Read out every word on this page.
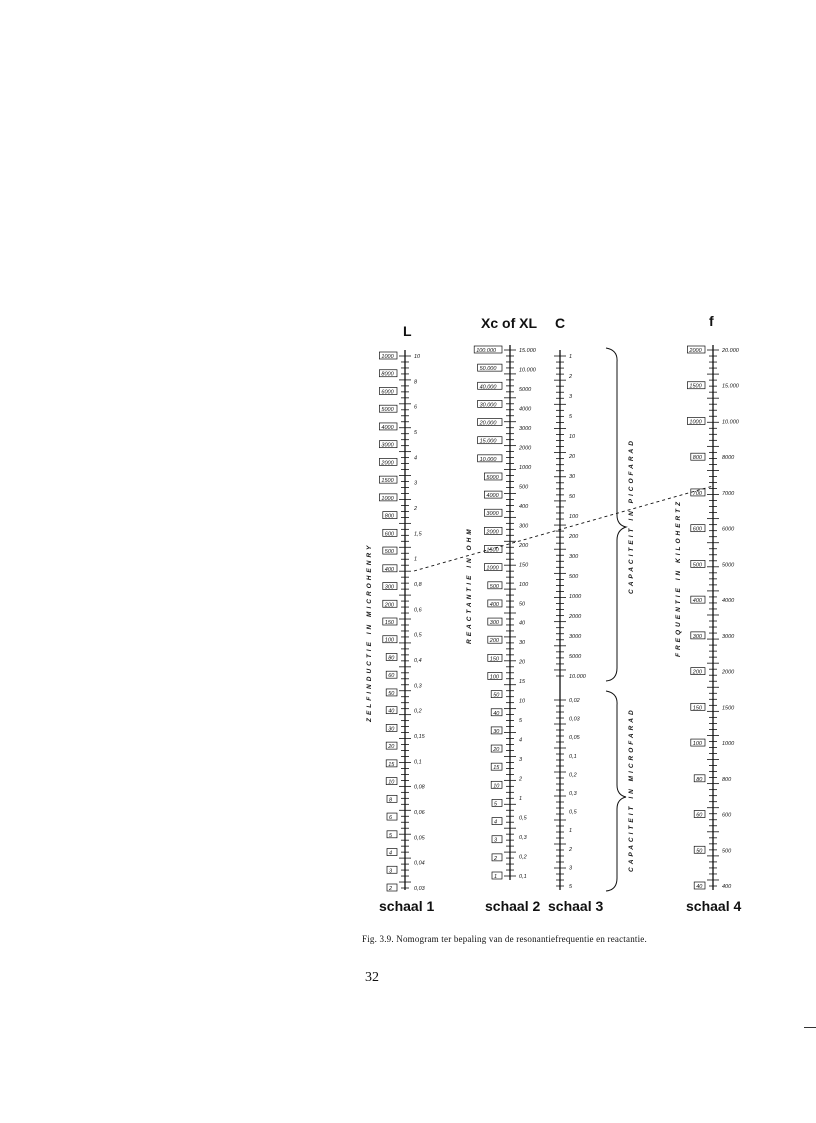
10
8
6
5
4
3
2
1,5
1
0,8
0,6
0,5
0,4
0,3
0,2
0,15
0,1
0,08
0,06
0,05
0,04
0,03
1000
8000
6000
5000
4000
3000
2000
1500
1000
800
600
500
400
300
200
150
100
80
60
50
40
30
20
15
10
8
6
5
4
3
2
15.000
10.000
5000
4000
3000
2000
1000
500
400
300
200
150
100
50
40
30
20
15
10
5
4
3
2
1
0,5
0,3
0,2
0,1
100.000
50.000
40.000
30.000
20.000
15.000
10.000
5000
4000
3000
2000
1500
1000
500
400
300
200
150
100
50
40
30
20
15
10
5
4
3
2
1
1
2
3
5
10
20
30
50
100
200
300
500
1000
2000
3000
5000
10.000
0,02
0,03
0,05
0,1
0,2
0,3
0,5
1
2
3
5
20.000
15.000
10.000
8000
7000
6000
5000
4000
3000
2000
1500
1000
800
600
500
400
2000
1500
1000
800
700
600
500
400
300
200
150
100
80
60
50
40
L	Xc of XL C	f
ZELFINDUCTIE IN MICROHENRY	REACTANTIE IN OHM	CAPACITEIT IN PICOFARAD
CAPACITEIT IN MICROFARAD
FREQUENTIE IN KILOHERTZ
schaal 1	schaal 2 schaal 3	schaal 4
Fig. 3.9. Nomogram ter bepaling van de resonantiefrequentie en reactantie.
32
